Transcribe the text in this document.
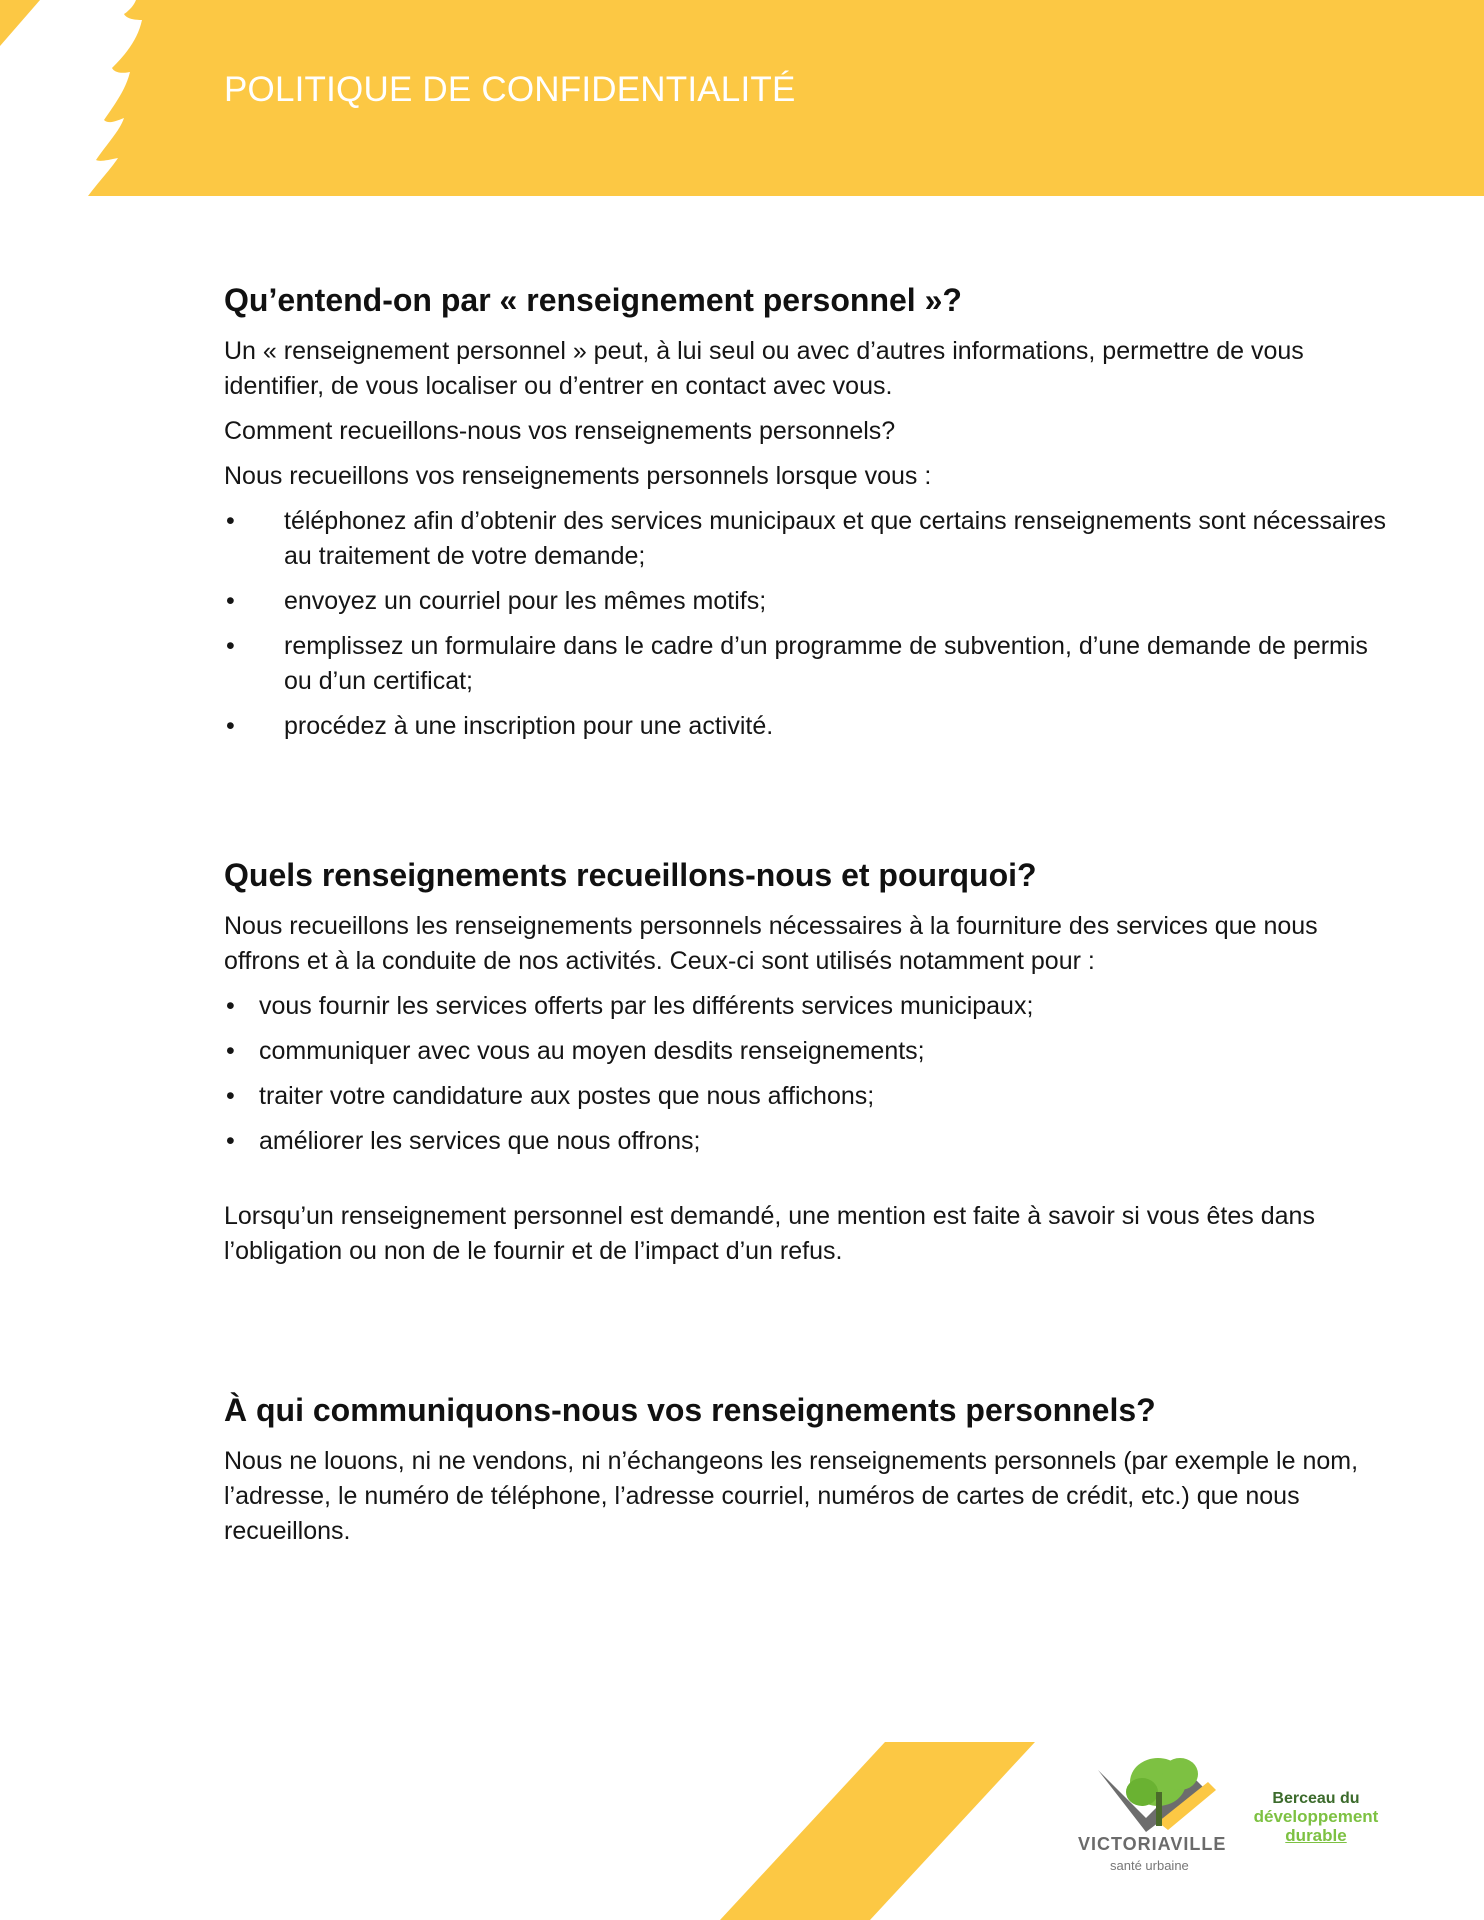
POLITIQUE DE CONFIDENTIALITÉ
Qu’entend-on par « renseignement personnel »?

Un « renseignement personnel » peut, à lui seul ou avec d’autres informations, permettre de vous identifier, de vous localiser ou d’entrer en contact avec vous.

Comment recueillons-nous vos renseignements personnels?

Nous recueillons vos renseignements personnels lorsque vous :

• téléphonez afin d’obtenir des services municipaux et que certains renseignements sont nécessaires au traitement de votre demande;
• envoyez un courriel pour les mêmes motifs;
• remplissez un formulaire dans le cadre d’un programme de subvention, d’une demande de permis ou d’un certificat;
• procédez à une inscription pour une activité.
Quels renseignements recueillons-nous et pourquoi?

Nous recueillons les renseignements personnels nécessaires à la fourniture des services que nous offrons et à la conduite de nos activités. Ceux-ci sont utilisés notamment pour :

• vous fournir les services offerts par les différents services municipaux;
• communiquer avec vous au moyen desdits renseignements;
• traiter votre candidature aux postes que nous affichons;
• améliorer les services que nous offrons;

Lorsqu’un renseignement personnel est demandé, une mention est faite à savoir si vous êtes dans l’obligation ou non de le fournir et de l’impact d’un refus.

À qui communiquons-nous vos renseignements personnels?

Nous ne louons, ni ne vendons, ni n’échangeons les renseignements personnels (par exemple le nom, l’adresse, le numéro de téléphone, l’adresse courriel, numéros de cartes de crédit, etc.) que nous recueillons.

VICTORIAVILLE
santé urbaine
Berceau du
développement
durable
